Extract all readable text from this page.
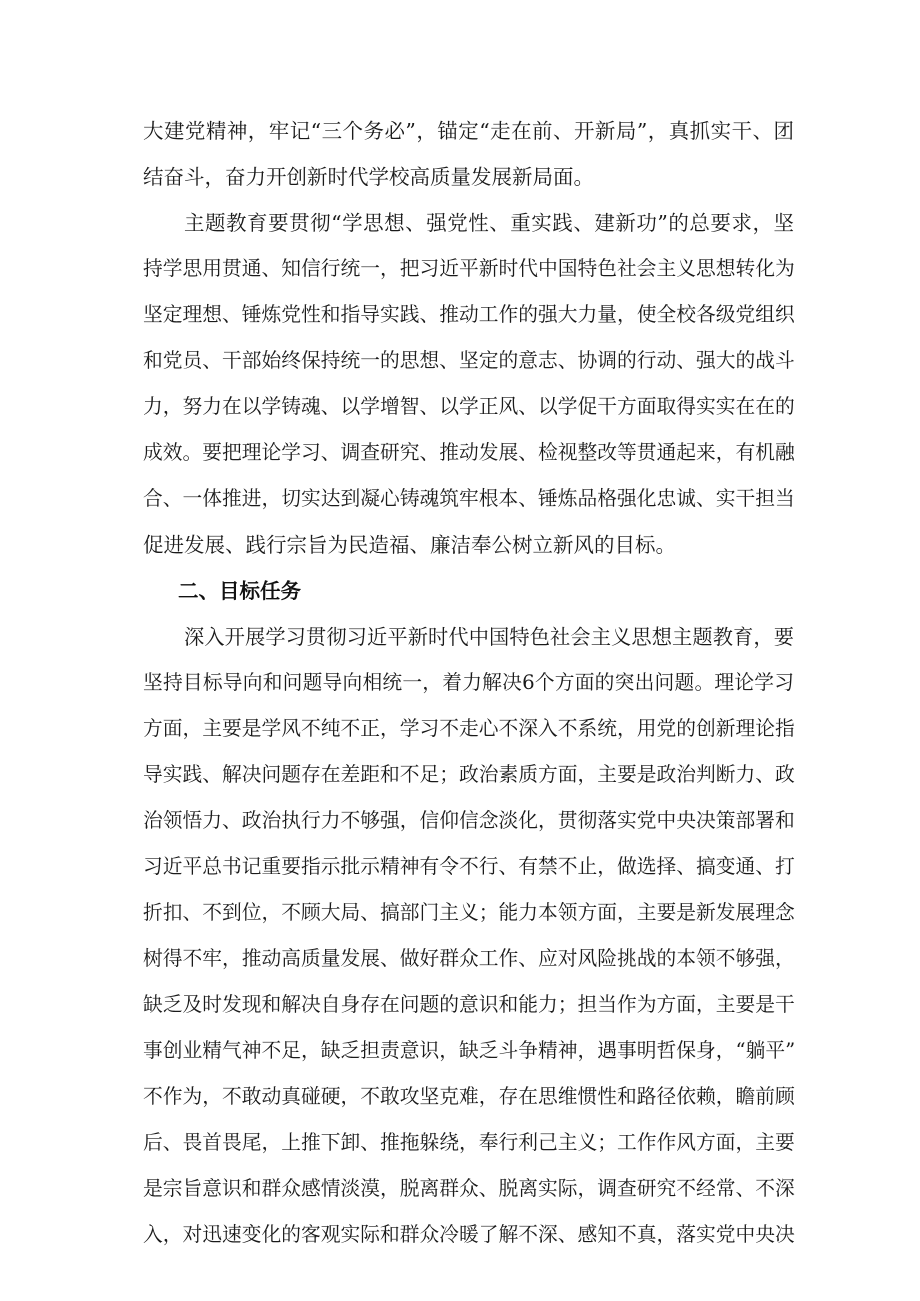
大建党精神，牢记“三个务必”，锚定“走在前、开新局”，真抓实干、团
结奋斗，奋力开创新时代学校高质量发展新局面。
主题教育要贯彻“学思想、强党性、重实践、建新功”的总要求，坚
持学思用贯通、知信行统一，把习近平新时代中国特色社会主义思想转化为
坚定理想、锤炼党性和指导实践、推动工作的强大力量，使全校各级党组织
和党员、干部始终保持统一的思想、坚定的意志、协调的行动、强大的战斗
力，努力在以学铸魂、以学增智、以学正风、以学促干方面取得实实在在的
成效。要把理论学习、调查研究、推动发展、检视整改等贯通起来，有机融
合、一体推进，切实达到凝心铸魂筑牢根本、锤炼品格强化忠诚、实干担当
促进发展、践行宗旨为民造福、廉洁奉公树立新风的目标。
二、目标任务
深入开展学习贯彻习近平新时代中国特色社会主义思想主题教育，要
坚持目标导向和问题导向相统一，着力解决6个方面的突出问题。理论学习
方面，主要是学风不纯不正，学习不走心不深入不系统，用党的创新理论指
导实践、解决问题存在差距和不足；政治素质方面，主要是政治判断力、政
治领悟力、政治执行力不够强，信仰信念淡化，贯彻落实党中央决策部署和
习近平总书记重要指示批示精神有令不行、有禁不止，做选择、搞变通、打
折扣、不到位，不顾大局、搞部门主义；能力本领方面，主要是新发展理念
树得不牢，推动高质量发展、做好群众工作、应对风险挑战的本领不够强，
缺乏及时发现和解决自身存在问题的意识和能力；担当作为方面，主要是干
事创业精气神不足，缺乏担责意识，缺乏斗争精神，遇事明哲保身，“躺平”
不作为，不敢动真碰硬，不敢攻坚克难，存在思维惯性和路径依赖，瞻前顾
后、畏首畏尾，上推下卸、推拖躲绕，奉行利己主义；工作作风方面，主要
是宗旨意识和群众感情淡漠，脱离群众、脱离实际，调查研究不经常、不深
入，对迅速变化的客观实际和群众冷暖了解不深、感知不真，落实党中央决
